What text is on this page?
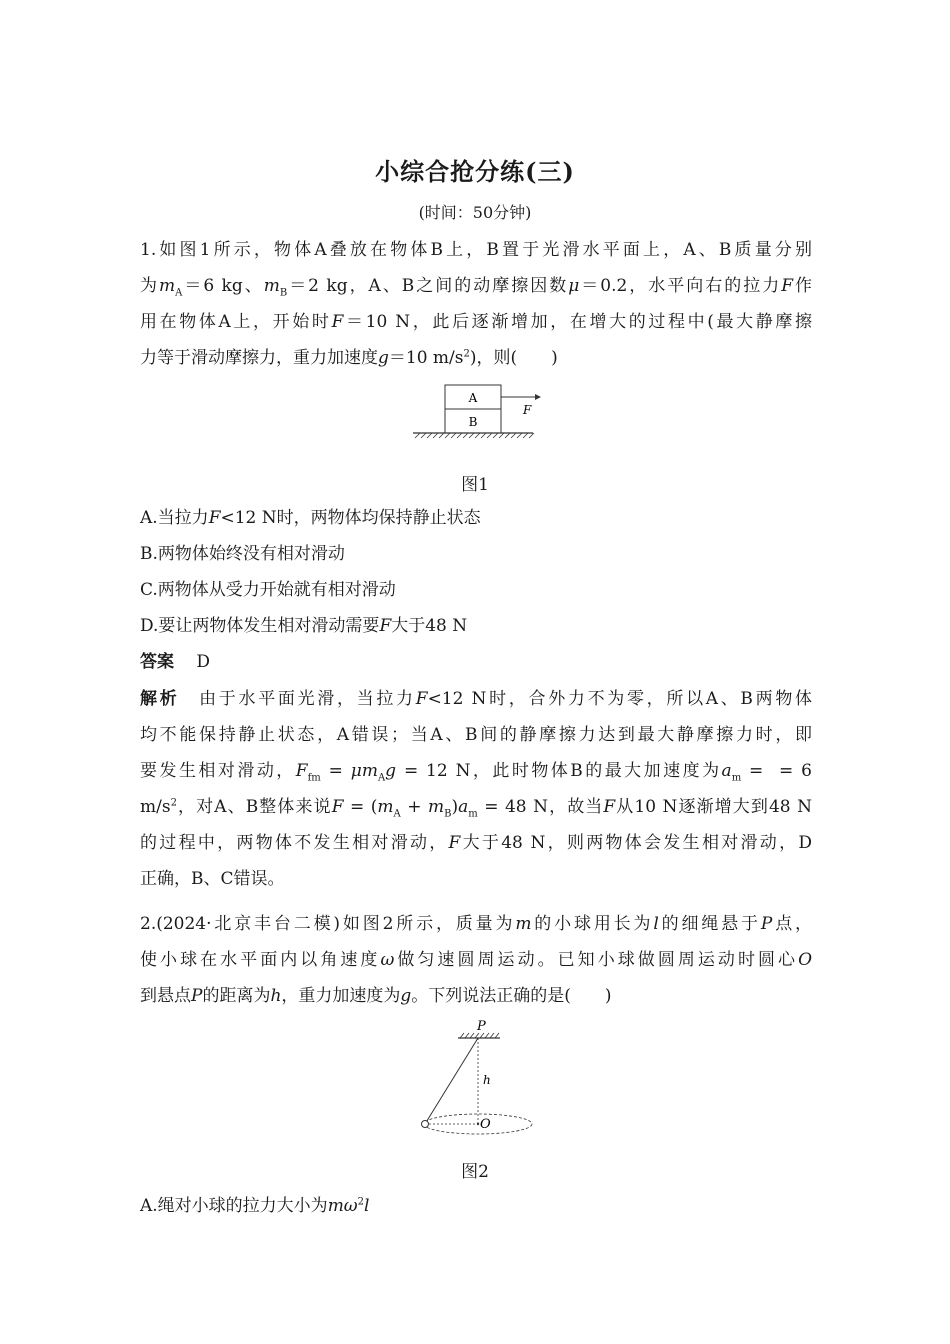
小综合抢分练(三)
(时间：50分钟)
1.如图1所示，物体A叠放在物体B上，B置于光滑水平面上，A、B质量分别
为$m_A=6$ kg、$m_B=2$ kg，A、B之间的动摩擦因数μ＝0.2，水平向右的拉力F作
用在物体A上，开始时F＝10 N，此后逐渐增加，在增大的过程中(最大静摩擦
力等于滑动摩擦力，重力加速度g＝10 $m/s^2$)，则(　　)
A
B
F
图1
A.当拉力F<12 N时，两物体均保持静止状态
B.两物体始终没有相对滑动
C.两物体从受力开始就有相对滑动
D.要让两物体发生相对滑动需要F大于48 N
答案　 D
解析　由于水平面光滑，当拉力F<12 N时，合外力不为零，所以A、B两物体
均不能保持静止状态，A错误；当A、B间的静摩擦力达到最大静摩擦力时，即
要发生相对滑动，$F_{fm} = \mu m_Ag = 12$ N，此时物体B的最大加速度为$a_m$ =  = 6
$m/s^2$，对A、B整体来说$F = (m_A + m_B)a_m = 48$ N，故当F从10 N逐渐增大到48 N
的过程中，两物体不发生相对滑动，F大于48 N，则两物体会发生相对滑动，D
正确，B、C错误。
2.(2024·北京丰台二模)如图2所示，质量为m的小球用长为l的细绳悬于P点，
使小球在水平面内以角速度ω做匀速圆周运动。已知小球做圆周运动时圆心O
到悬点P的距离为h，重力加速度为g。下列说法正确的是(　　)
P
h
O
图2
A.绳对小球的拉力大小为$m\omega^2l$
